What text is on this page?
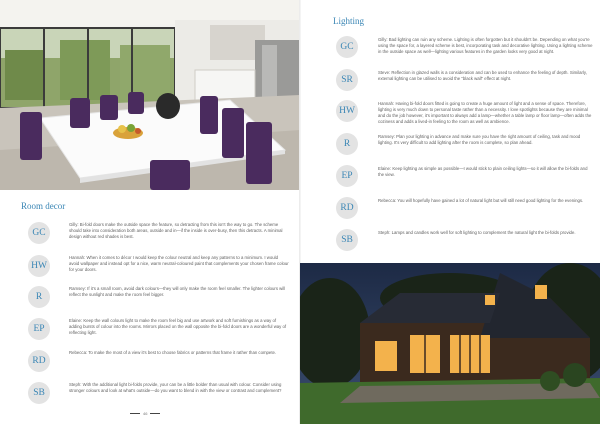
Room decor
GC
Gilly: Bi-fold doors make the outside space the feature, so detracting from this isn't the way to go. The scheme should take into consideration both areas, outside and in—if the inside is over-busy, then this detracts. A minimal design without red shades is best.
HW
Hannah: When it comes to décor I would keep the colour neutral and keep any patterns to a minimum. I would avoid wallpaper and instead opt for a nice, warm neutral-coloured paint that complements your chosen frame colour for your doors.
R
Ramsey: If it's a small room, avoid dark colours—they will only make the room feel smaller. The lighter colours will reflect the sunlight and make the room feel bigger.
EP
Elaine: Keep the wall colours light to make the room feel big and use artwork and soft furnishings as a way of adding bursts of colour into the rooms. Mirrors placed on the wall opposite the bi-fold doors are a wonderful way of reflecting light.
RD
Rebecca: To make the most of a view it's best to choose fabrics or patterns that frame it rather than compete.
SB
Steph: With the additional light bi-folds provide, your can be a little bolder than usual with colour. Consider using stronger colours and look at what's outside—do you want to blend in with the view or contrast and complement?
46
Lighting
GC
Gilly: Bad lighting can ruin any scheme. Lighting is often forgotten but it shouldn't be. Depending on what you're using the space for, a layered scheme is best, incorporating task and decorative lighting. Using a lighting scheme in the outside space as well—lighting various features in the garden looks very good at night.
SR
Steve: Reflection in glazed walls is a consideration and can be used to enhance the feeling of depth. Similarly, external lighting can be utilised to avoid the "black wall" effect at night.
HW
Hannah: Having bi-fold doors fitted is going to create a huge amount of light and a sense of space. Therefore, lighting is very much down to personal taste rather than a necessity. I love spotlights because they are minimal and do the job however, it's important to always add a lamp—whether a table lamp or floor lamp—often adds the coziness and adds a lived-in feeling to the room as well as ambience.
R
Ramsey: Plan your lighting in advance and make sure you have the right amount of ceiling, task and mood lighting. It's very difficult to add lighting after the room is complete, so plan ahead.
EP
Elaine: Keep lighting as simple as possible—I would stick to plain ceiling lights—so it will allow the bi-folds and the view.
RD
Rebecca: You will hopefully have gained a lot of natural light but will still need good lighting for the evenings.
SB
Steph: Lamps and candles work well for soft lighting to complement the natural light the bi-folds provide.
